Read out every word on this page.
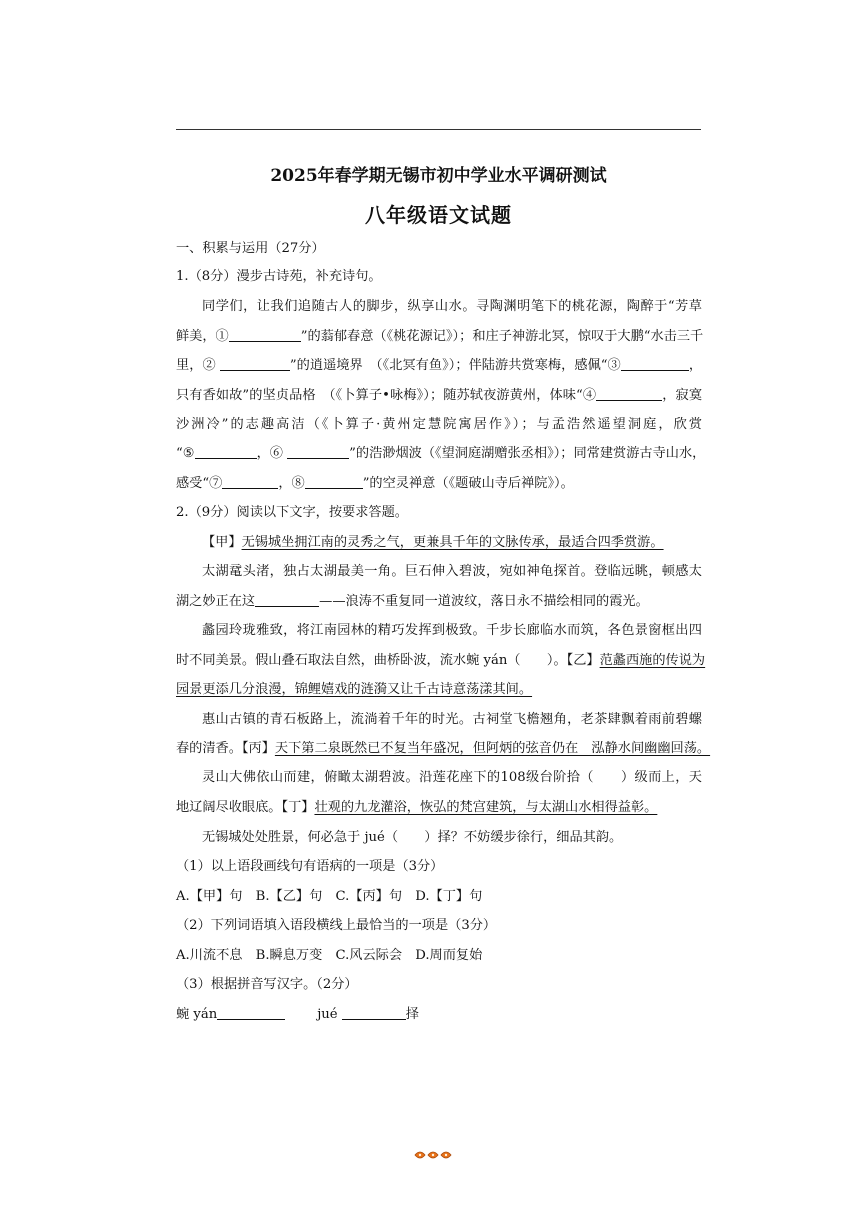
2025年春学期无锡市初中学业水平调研测试
八年级语文试题
一、积累与运用（27分）
1.（8分）漫步古诗苑，补充诗句。
同学们，让我们追随古人的脚步，纵享山水。寻陶渊明笔下的桃花源，陶醉于“芳草
鲜美，①	”的蓊郁春意（《桃花源记》）；和庄子神游北冥，惊叹于大鹏“水击三千
里，②	”的逍遥境界　（《北冥有鱼》）；伴陆游共赏寒梅，感佩“③	，
只有香如故”的坚贞品格　（《卜算子•咏梅》）；随苏轼夜游黄州，体味“④	，寂寞
沙洲冷”的志趣高洁（《卜算子·黄州定慧院寓居作》）；与孟浩然遥望洞庭，欣赏
“⑤	，⑥	”的浩渺烟波（《望洞庭湖赠张丞相》）；同常建赏游古寺山水，
感受“⑦	，⑧	”的空灵禅意（《题破山寺后禅院》）。
2.（9分）阅读以下文字，按要求答题。
【甲】无锡城坐拥江南的灵秀之气，更兼具千年的文脉传承，最适合四季赏游。
太湖鼋头渚，独占太湖最美一角。巨石伸入碧波，宛如神龟探首。登临远眺，顿感太
湖之妙正在这	——浪涛不重复同一道波纹，落日永不描绘相同的霞光。
蠡园玲珑雅致，将江南园林的精巧发挥到极致。千步长廊临水而筑，各色景窗框出四
时不同美景。假山叠石取法自然，曲桥卧波，流水蜿 yán（　　）。【乙】范蠡西施的传说为
园景更添几分浪漫，锦鲤嬉戏的涟漪又让千古诗意荡漾其间。
惠山古镇的青石板路上，流淌着千年的时光。古祠堂飞檐翘角，老茶肆飘着雨前碧螺
春的清香。【丙】天下第二泉既然已不复当年盛况，但阿炳的弦音仍在　泓静水间幽幽回荡。
灵山大佛依山而建，俯瞰太湖碧波。沿莲花座下的108级台阶拾（　　）级而上，天
地辽阔尽收眼底。【丁】壮观的九龙灌浴，恢弘的梵宫建筑，与太湖山水相得益彰。
无锡城处处胜景，何必急于 jué（　　）择？不妨缓步徐行，细品其韵。
（1）以上语段画线句有语病的一项是（3分）
A.【甲】句　B.【乙】句　C.【丙】句　D.【丁】句
（2）下列词语填入语段横线上最恰当的一项是（3分）
A.川流不息　B.瞬息万变　C.风云际会　D.周而复始
（3）根据拼音写汉字。（2分）
蜿 yán	jué	择
